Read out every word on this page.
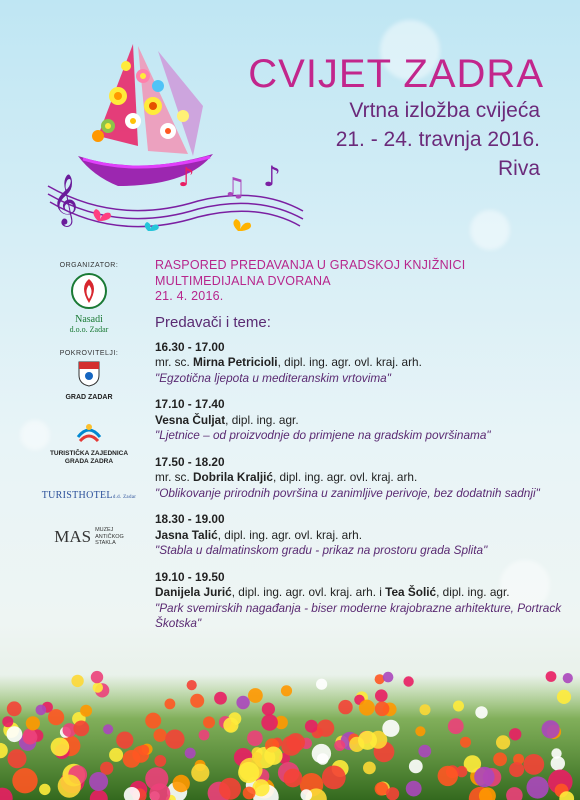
𝄞	♪ ♫ ♪
CVIJET ZADRA
Vrtna izložba cvijeća
21. - 24. travnja 2016.
Riva
ORGANIZATOR:
Nasadi
d.o.o. Zadar
POKROVITELJI:
GRAD ZADAR
TURISTIČKA ZAJEDNICA
GRADA ZADRA
TURISTHOTELd.d. Zadar
MAS MUZEJ
ANTIČKOG
STAKLA
RASPORED PREDAVANJA U GRADSKOJ KNJIŽNICI
MULTIMEDIJALNA DVORANA
21. 4. 2016.
Predavači i teme:
16.30 - 17.00
mr. sc. Mirna Petricioli, dipl. ing. agr. ovl. kraj. arh.
"Egzotična ljepota u mediteranskim vrtovima"
17.10 - 17.40
Vesna Čuljat, dipl. ing. agr.
"Ljetnice – od proizvodnje do primjene na gradskim površinama"
17.50 - 18.20
mr. sc. Dobrila Kraljić, dipl. ing. agr. ovl. kraj. arh.
"Oblikovanje prirodnih površina u zanimljive perivoje, bez dodatnih sadnji"
18.30 - 19.00
Jasna Talić, dipl. ing. agr. ovl. kraj. arh.
"Stabla u dalmatinskom gradu - prikaz na prostoru grada Splita"
19.10 - 19.50
Danijela Jurić, dipl. ing. agr. ovl. kraj. arh. i Tea Šolić, dipl. ing. agr.
"Park svemirskih nagađanja - biser moderne krajobrazne arhitekture, Portrack Škotska"
